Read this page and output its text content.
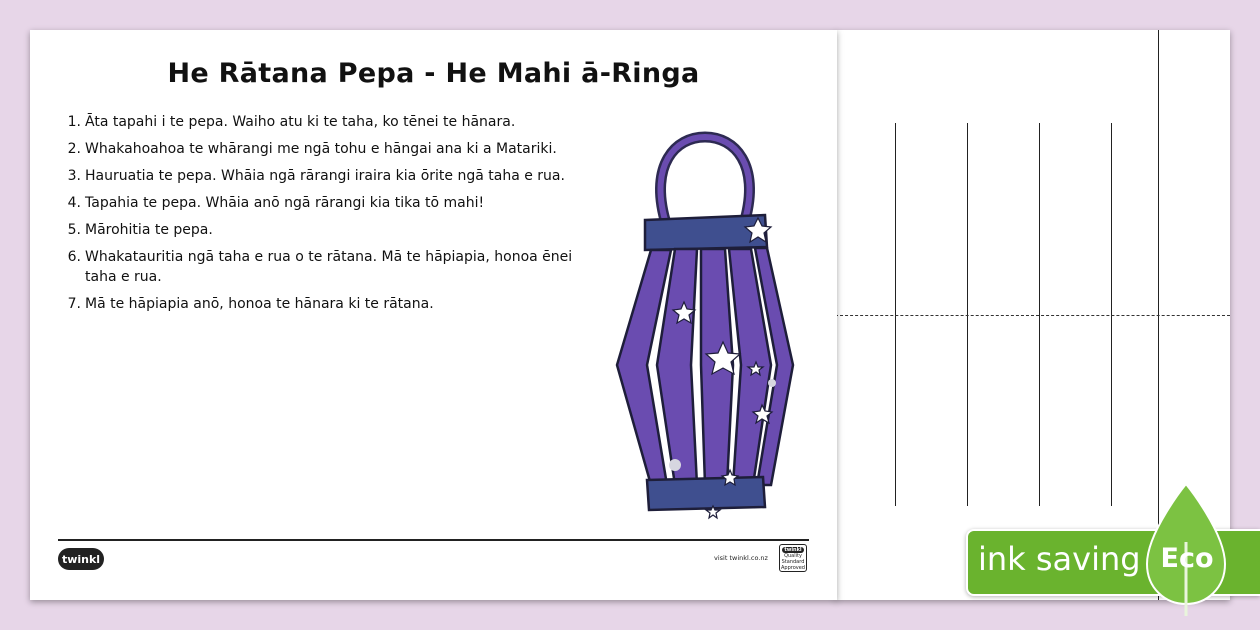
He Rātana Pepa - He Mahi ā-Ringa
1. Āta tapahi i te pepa. Waiho atu ki te taha, ko tēnei te hānara.
2. Whakahoahoa te whārangi me ngā tohu e hāngai ana ki a Matariki.
3. Hauruatia te pepa. Whāia ngā rārangi iraira kia ōrite ngā taha e rua.
4. Tapahia te pepa. Whāia anō ngā rārangi kia tika tō mahi!
5. Mārohitia te pepa.
6. Whakatauritia ngā taha e rua o te rātana. Mā te hāpiapia, honoa ēnei taha e rua.
7. Mā te hāpiapia anō, honoa te hānara ki te rātana.
twinkl	visit twinkl.co.nz
twinkl
Quality Standard Approved	ink saving Eco
